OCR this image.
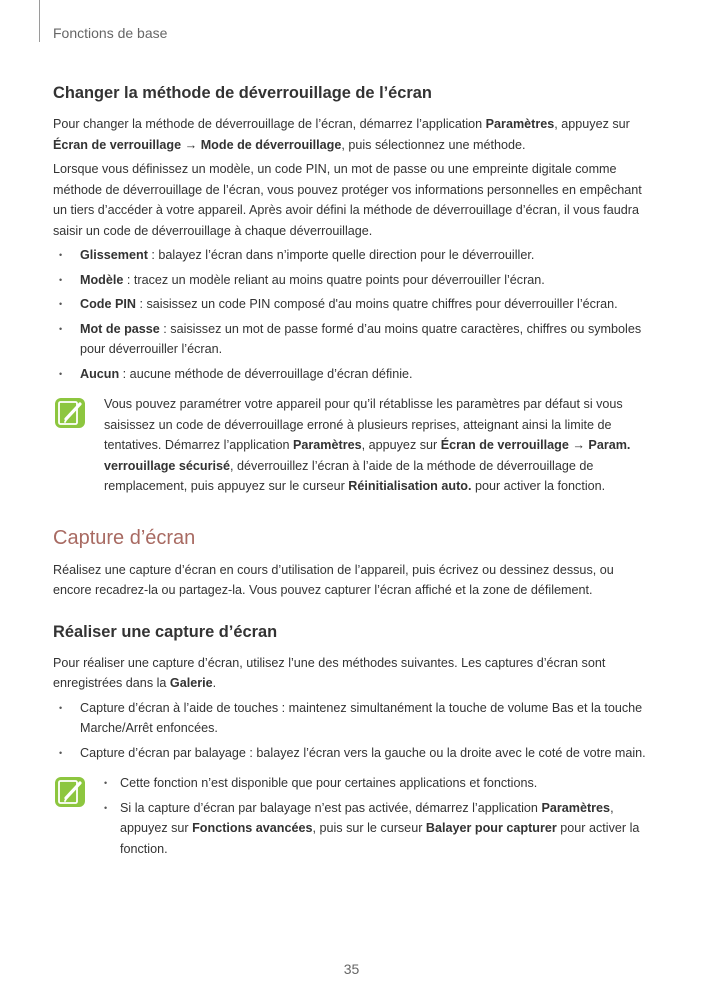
Fonctions de base
Changer la méthode de déverrouillage de l’écran

Pour changer la méthode de déverrouillage de l’écran, démarrez l’application Paramètres, appuyez sur Écran de verrouillage → Mode de déverrouillage, puis sélectionnez une méthode.

Lorsque vous définissez un modèle, un code PIN, un mot de passe ou une empreinte digitale comme méthode de déverrouillage de l’écran, vous pouvez protéger vos informations personnelles en empêchant un tiers d’accéder à votre appareil. Après avoir défini la méthode de déverrouillage d’écran, il vous faudra saisir un code de déverrouillage à chaque déverrouillage.

• Glissement : balayez l’écran dans n’importe quelle direction pour le déverrouiller.
• Modèle : tracez un modèle reliant au moins quatre points pour déverrouiller l’écran.
• Code PIN : saisissez un code PIN composé d'au moins quatre chiffres pour déverrouiller l’écran.
• Mot de passe : saisissez un mot de passe formé d’au moins quatre caractères, chiffres ou symboles pour déverrouiller l’écran.
• Aucun : aucune méthode de déverrouillage d’écran définie.

Vous pouvez paramétrer votre appareil pour qu’il rétablisse les paramètres par défaut si vous saisissez un code de déverrouillage erroné à plusieurs reprises, atteignant ainsi la limite de tentatives. Démarrez l’application Paramètres, appuyez sur Écran de verrouillage → Param. verrouillage sécurisé, déverrouillez l’écran à l’aide de la méthode de déverrouillage de remplacement, puis appuyez sur le curseur Réinitialisation auto. pour activer la fonction.

Capture d’écran

Réalisez une capture d’écran en cours d’utilisation de l’appareil, puis écrivez ou dessinez dessus, ou encore recadrez-la ou partagez-la. Vous pouvez capturer l’écran affiché et la zone de défilement.

Réaliser une capture d’écran

Pour réaliser une capture d’écran, utilisez l’une des méthodes suivantes. Les captures d’écran sont enregistrées dans la Galerie.

• Capture d’écran à l’aide de touches : maintenez simultanément la touche de volume Bas et la touche Marche/Arrêt enfoncées.
• Capture d’écran par balayage : balayez l’écran vers la gauche ou la droite avec le coté de votre main.
• Cette fonction n’est disponible que pour certaines applications et fonctions.
• Si la capture d’écran par balayage n’est pas activée, démarrez l’application Paramètres, appuyez sur Fonctions avancées, puis sur le curseur Balayer pour capturer pour activer la fonction.
35
